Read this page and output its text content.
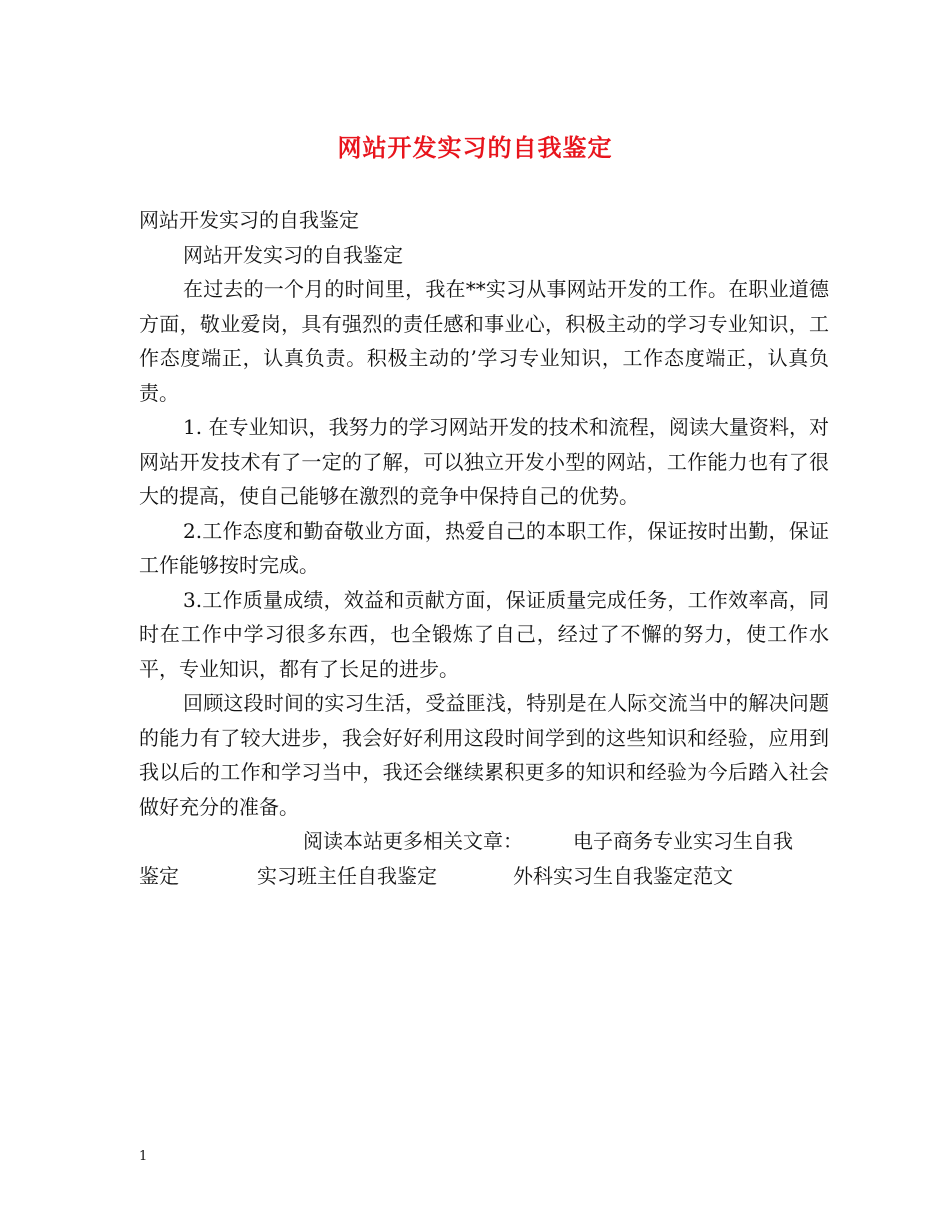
网站开发实习的自我鉴定

网站开发实习的自我鉴定

网站开发实习的自我鉴定

在过去的一个月的时间里，我在**实习从事网站开发的工作。在职业道德方面，敬业爱岗，具有强烈的责任感和事业心，积极主动的学习专业知识，工作态度端正，认真负责。积极主动的’学习专业知识，工作态度端正，认真负责。

1. 在专业知识，我努力的学习网站开发的技术和流程，阅读大量资料，对网站开发技术有了一定的了解，可以独立开发小型的网站，工作能力也有了很大的提高，使自己能够在激烈的竞争中保持自己的优势。

2.工作态度和勤奋敬业方面，热爱自己的本职工作，保证按时出勤，保证工作能够按时完成。

3.工作质量成绩，效益和贡献方面，保证质量完成任务，工作效率高，同时在工作中学习很多东西，也全锻炼了自己，经过了不懈的努力，使工作水平，专业知识，都有了长足的进步。

回顾这段时间的实习生活，受益匪浅，特别是在人际交流当中的解决问题的能力有了较大进步，我会好好利用这段时间学到的这些知识和经验，应用到我以后的工作和学习当中，我还会继续累积更多的知识和经验为今后踏入社会做好充分的准备。

阅读本站更多相关文章：	电子商务专业实习生自我

鉴定	实习班主任自我鉴定	外科实习生自我鉴定范文

1
